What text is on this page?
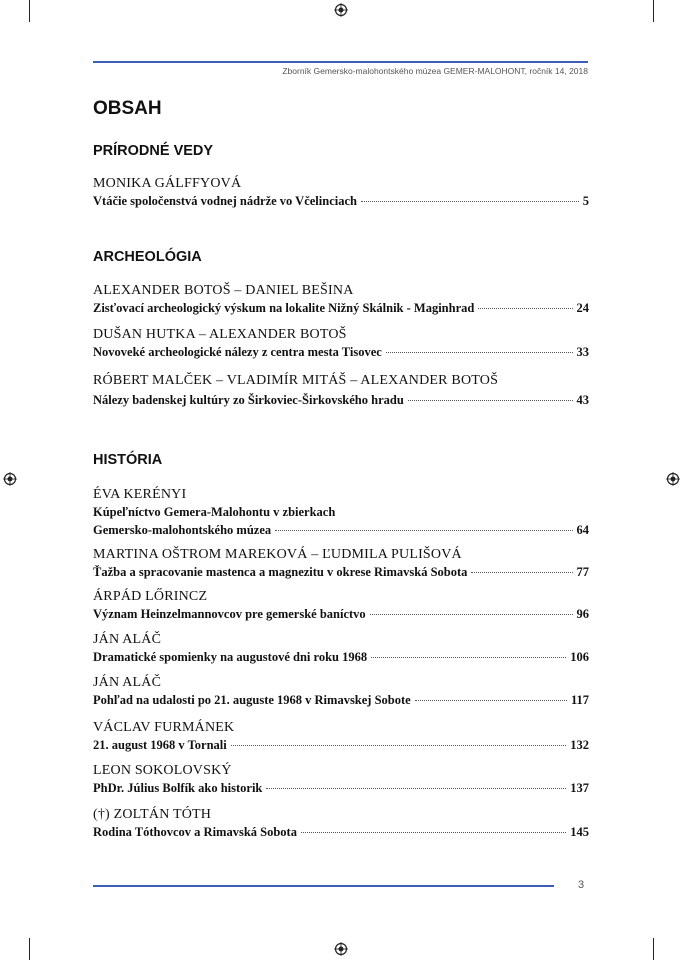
Zborník Gemersko-malohontského múzea GEMER-MALOHONT, ročník 14, 2018
OBSAH
PRÍRODNÉ VEDY
MONIKA GÁLFFYOVÁ
Vtáčie spoločenstvá vodnej nádrže vo Včelinciach	5
ARCHEOLÓGIA
ALEXANDER BOTOŠ – DANIEL BEŠINA
Zisťovací archeologický výskum na lokalite Nižný Skálnik - Maginhrad	24
DUŠAN HUTKA – ALEXANDER BOTOŠ
Novoveké archeologické nálezy z centra mesta Tisovec	33
RÓBERT MALČEK – VLADIMÍR MITÁŠ – ALEXANDER BOTOŠ
Nálezy badenskej kultúry zo Širkoviec-Širkovského hradu	43
HISTÓRIA
ÉVA KERÉNYI
Kúpeľníctvo Gemera-Malohontu v zbierkach
Gemersko-malohontského múzea	64
MARTINA OŠTROM MAREKOVÁ – ĽUDMILA PULIŠOVÁ
Ťažba a spracovanie mastenca a magnezitu v okrese Rimavská Sobota	77
ÁRPÁD LŐRINCZ
Význam Heinzelmannovcov pre gemerské baníctvo	96
JÁN ALÁČ
Dramatické spomienky na augustové dni roku 1968	106
JÁN ALÁČ
Pohľad na udalosti po 21. auguste 1968 v Rimavskej Sobote	117
VÁCLAV FURMÁNEK
21. august 1968 v Tornali	132
LEON SOKOLOVSKÝ
PhDr. Július Bolfík ako historik	137
(†) ZOLTÁN TÓTH
Rodina Tóthovcov a Rimavská Sobota	145
3
